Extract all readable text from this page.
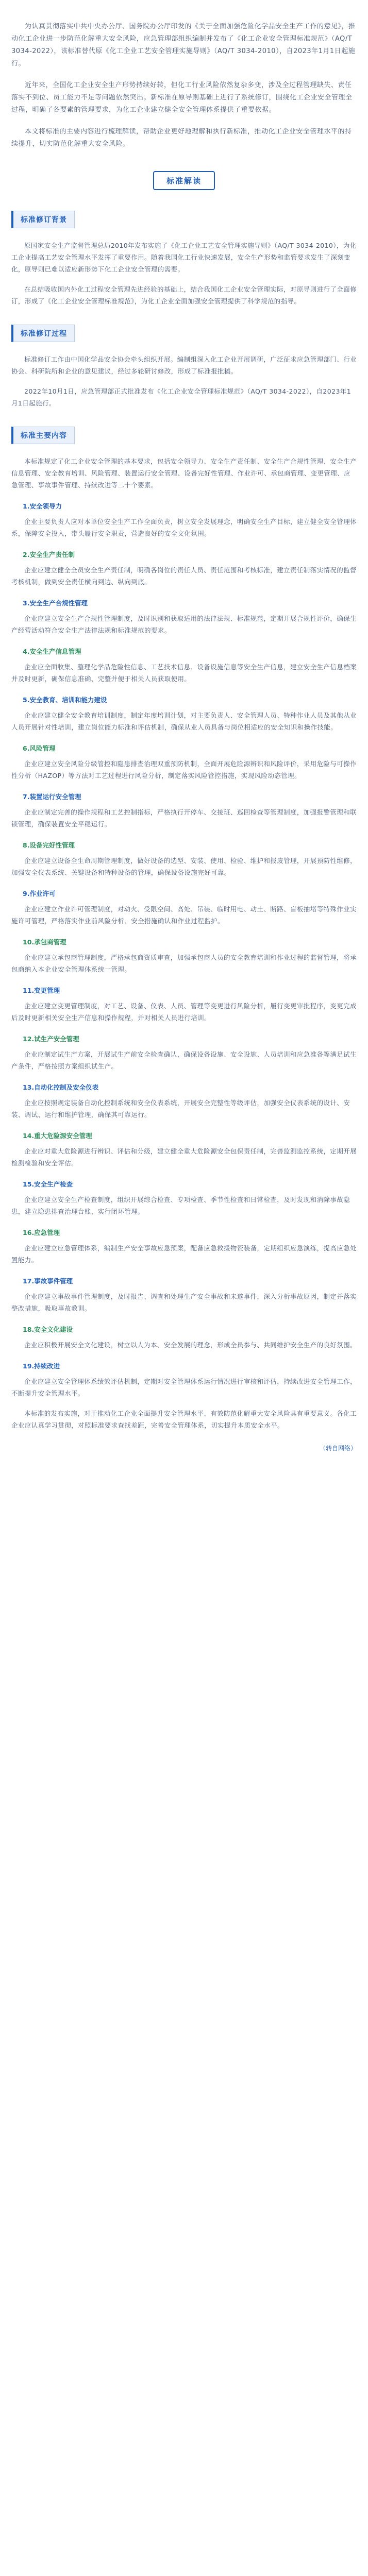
为认真贯彻落实中共中央办公厅、国务院办公厅印发的《关于全面加强危险化学品安全生产工作的意见》，推动化工企业进一步防范化解重大安全风险，应急管理部组织编制并发布了《化工企业安全管理标准规范》（AQ/T 3034-2022），该标准替代原《化工企业工艺安全管理实施导则》（AQ/T 3034-2010），自2023年1月1日起施行。

近年来，全国化工企业安全生产形势持续好转，但化工行业风险依然复杂多变，涉及全过程管理缺失、责任落实不到位、员工能力不足等问题依然突出。新标准在原导则基础上进行了系统修订，围绕化工企业安全管理全过程，明确了各要素的管理要求，为化工企业建立健全安全管理体系提供了重要依据。

本文将标准的主要内容进行梳理解读，帮助企业更好地理解和执行新标准，推动化工企业安全管理水平的持续提升，切实防范化解重大安全风险。

标准解读
标准修订背景

原国家安全生产监督管理总局2010年发布实施了《化工企业工艺安全管理实施导则》（AQ/T 3034-2010），为化工企业提高工艺安全管理水平发挥了重要作用。随着我国化工行业快速发展，安全生产形势和监管要求发生了深刻变化，原导则已难以适应新形势下化工企业安全管理的需要。

在总结吸收国内外化工过程安全管理先进经验的基础上，结合我国化工企业安全管理实际，对原导则进行了全面修订，形成了《化工企业安全管理标准规范》，为化工企业全面加强安全管理提供了科学规范的指导。

标准修订过程

标准修订工作由中国化学品安全协会牵头组织开展。编制组深入化工企业开展调研，广泛征求应急管理部门、行业协会、科研院所和企业的意见建议，经过多轮研讨修改，形成了标准报批稿。

2022年10月1日，应急管理部正式批准发布《化工企业安全管理标准规范》（AQ/T 3034-2022），自2023年1月1日起施行。

标准主要内容

本标准规定了化工企业安全管理的基本要求，包括安全领导力、安全生产责任制、安全生产合规性管理、安全生产信息管理、安全教育培训、风险管理、装置运行安全管理、设备完好性管理、作业许可、承包商管理、变更管理、应急管理、事故事件管理、持续改进等二十个要素。

1.安全领导力

企业主要负责人应对本单位安全生产工作全面负责，树立安全发展理念，明确安全生产目标，建立健全安全管理体系，保障安全投入，带头履行安全职责，营造良好的安全文化氛围。

2.安全生产责任制

企业应建立健全全员安全生产责任制，明确各岗位的责任人员、责任范围和考核标准，建立责任制落实情况的监督考核机制，做到安全责任横向到边、纵向到底。

3.安全生产合规性管理

企业应建立安全生产合规性管理制度，及时识别和获取适用的法律法规、标准规范，定期开展合规性评价，确保生产经营活动符合安全生产法律法规和标准规范的要求。

4.安全生产信息管理

企业应全面收集、整理化学品危险性信息、工艺技术信息、设备设施信息等安全生产信息，建立安全生产信息档案并及时更新，确保信息准确、完整并便于相关人员获取使用。

5.安全教育、培训和能力建设

企业应建立健全安全教育培训制度，制定年度培训计划，对主要负责人、安全管理人员、特种作业人员及其他从业人员开展针对性培训，建立岗位能力标准和评估机制，确保从业人员具备与岗位相适应的安全知识和操作技能。

6.风险管理

企业应建立安全风险分级管控和隐患排查治理双重预防机制，全面开展危险源辨识和风险评价，采用危险与可操作性分析（HAZOP）等方法对工艺过程进行风险分析，制定落实风险管控措施，实现风险动态管理。

7.装置运行安全管理

企业应制定完善的操作规程和工艺控制指标，严格执行开停车、交接班、巡回检查等管理制度，加强报警管理和联锁管理，确保装置安全平稳运行。

8.设备完好性管理

企业应建立设备全生命周期管理制度，做好设备的选型、安装、使用、检验、维护和报废管理，开展预防性维修，加强安全仪表系统、关键设备和特种设备的管理，确保设备设施完好可靠。

9.作业许可

企业应建立作业许可管理制度，对动火、受限空间、高处、吊装、临时用电、动土、断路、盲板抽堵等特殊作业实施许可管理，严格落实作业前风险分析、安全措施确认和作业过程监护。

10.承包商管理

企业应建立承包商管理制度，严格承包商资质审查，加强承包商人员的安全教育培训和作业过程的监督管理，将承包商纳入本企业安全管理体系统一管理。

11.变更管理

企业应建立变更管理制度，对工艺、设备、仪表、人员、管理等变更进行风险分析，履行变更审批程序，变更完成后及时更新相关安全生产信息和操作规程，并对相关人员进行培训。

12.试生产安全管理

企业应制定试生产方案，开展试生产前安全检查确认，确保设备设施、安全设施、人员培训和应急准备等满足试生产条件，严格按照方案组织试生产。

13.自动化控制及安全仪表

企业应按照规定装备自动化控制系统和安全仪表系统，开展安全完整性等级评估，加强安全仪表系统的设计、安装、调试、运行和维护管理，确保其可靠运行。

14.重大危险源安全管理

企业应对重大危险源进行辨识、评估和分级，建立健全重大危险源安全包保责任制，完善监测监控系统，定期开展检测检验和安全评估。

15.安全生产检查

企业应建立安全生产检查制度，组织开展综合检查、专项检查、季节性检查和日常检查，及时发现和消除事故隐患，建立隐患排查治理台账，实行闭环管理。

16.应急管理

企业应建立应急管理体系，编制生产安全事故应急预案，配备应急救援物资装备，定期组织应急演练，提高应急处置能力。

17.事故事件管理

企业应建立事故事件管理制度，及时报告、调查和处理生产安全事故和未遂事件，深入分析事故原因，制定并落实整改措施，吸取事故教训。

18.安全文化建设

企业应积极开展安全文化建设，树立以人为本、安全发展的理念，形成全员参与、共同维护安全生产的良好氛围。

19.持续改进

企业应建立安全管理体系绩效评估机制，定期对安全管理体系运行情况进行审核和评估，持续改进安全管理工作，不断提升安全管理水平。

本标准的发布实施，对于推动化工企业全面提升安全管理水平、有效防范化解重大安全风险具有重要意义。各化工企业应认真学习贯彻，对照标准要求查找差距，完善安全管理体系，切实提升本质安全水平。

（转自网络）
